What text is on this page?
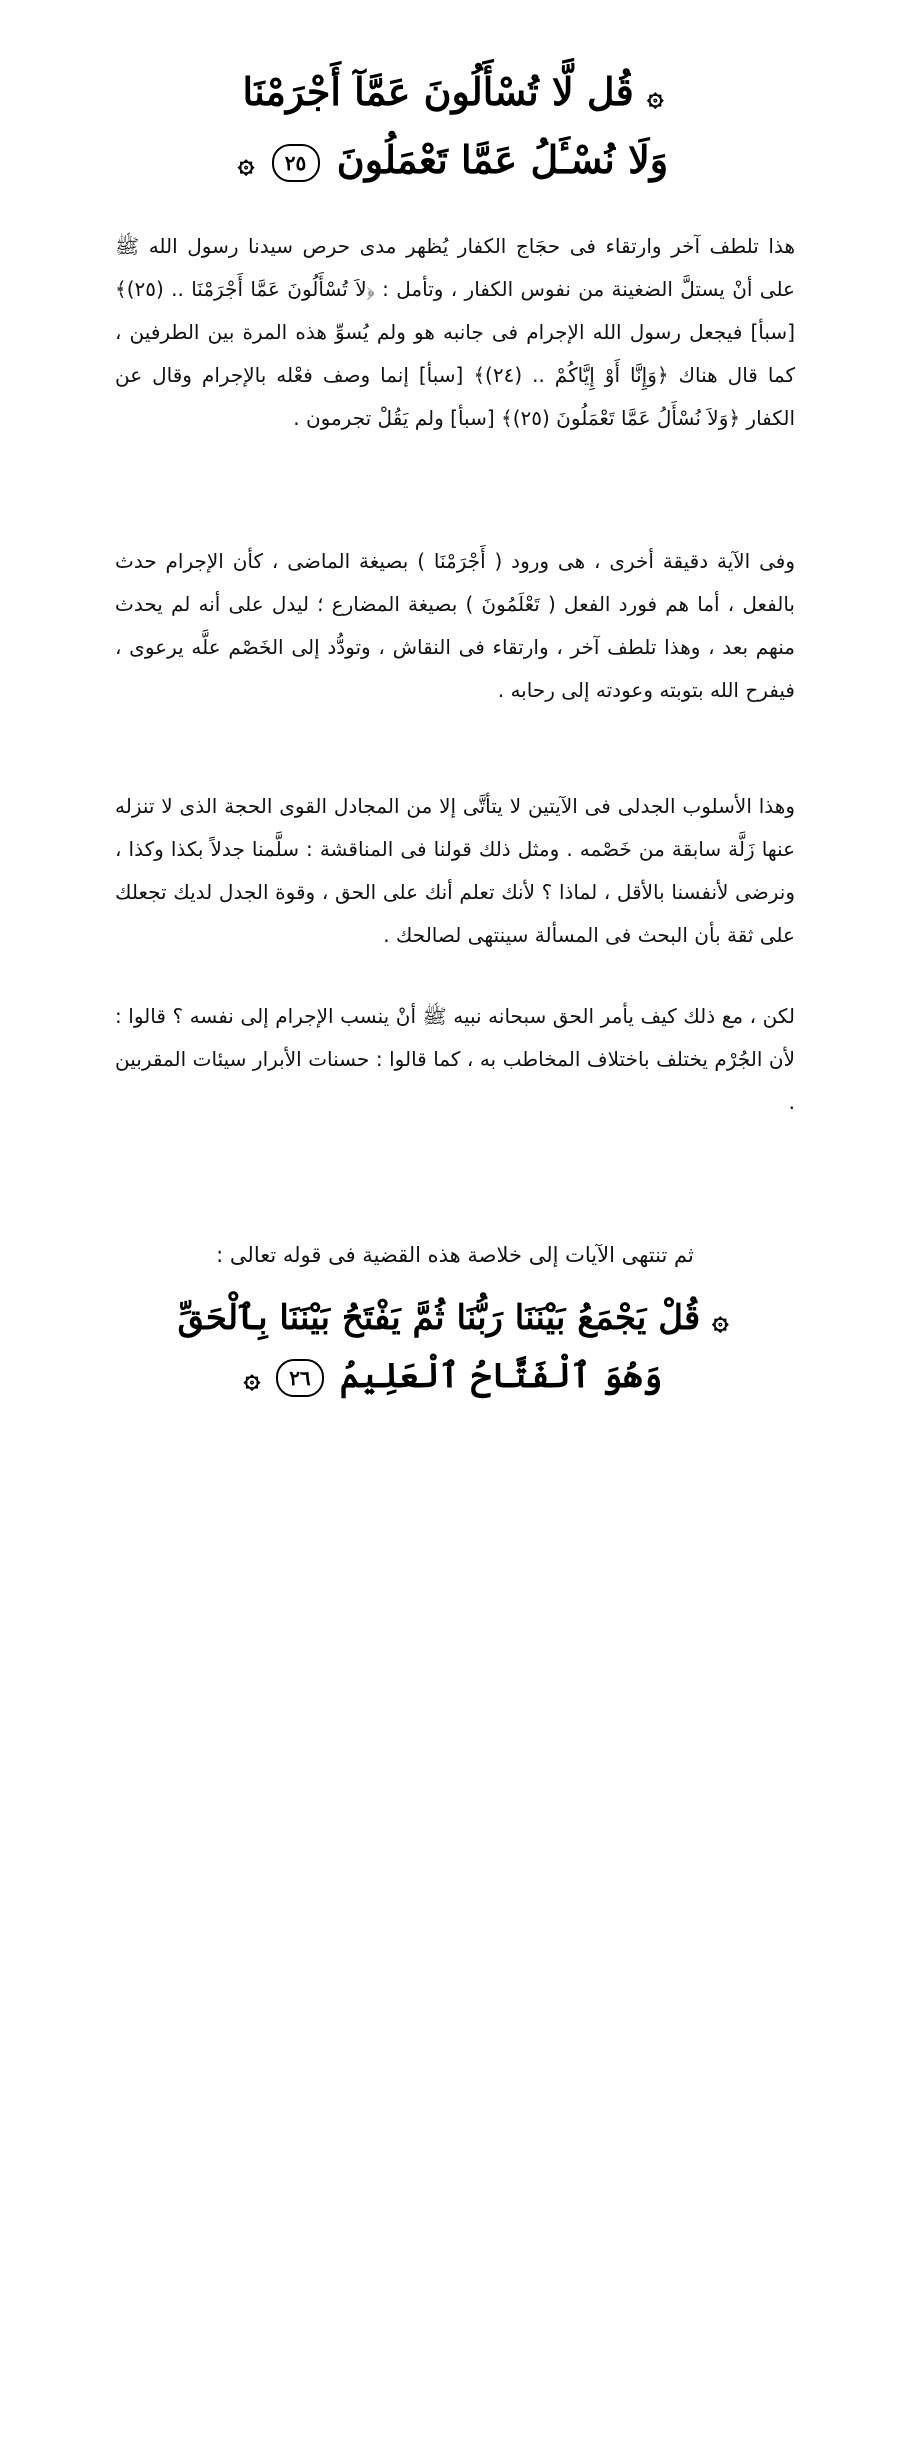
۞ قُل لَّا تُسْأَلُونَ عَمَّآ أَجْرَمْنَا
وَلَا نُسْـَٔلُ عَمَّا تَعْمَلُونَ ٢٥ ۞

هذا تلطف آخر وارتقاء فى حجَاج الكفار يُظهر مدى حرص سيدنا رسول الله ﷺ على أنْ يستلَّ الضغينة من نفوس الكفار ، وتأمل : ﴿لاَ تُسْأَلُونَ عَمَّا أَجْرَمْنَا .. (٢٥)﴾ [سبأ] فيجعل رسول الله الإجرام فى جانبه هو ولم يُسوِّ هذه المرة بين الطرفين ، كما قال هناك ﴿وَإِنَّا أَوْ إِيَّاكُمْ .. (٢٤)﴾ [سبأ] إنما وصف فعْله بالإجرام وقال عن الكفار ﴿وَلاَ نُسْأَلُ عَمَّا تَعْمَلُونَ (٢٥)﴾ [سبأ] ولم يَقُلْ تجرمون .

وفى الآية دقيقة أخرى ، هى ورود ( أَجْرَمْنَا ) بصيغة الماضى ، كأن الإجرام حدث بالفعل ، أما هم فورد الفعل ( تَعْلَمُونَ ) بصيغة المضارع ؛ ليدل على أنه لم يحدث منهم بعد ، وهذا تلطف آخر ، وارتقاء فى النقاش ، وتودُّد إلى الخَصْم علَّه يرعوى ، فيفرح الله بتوبته وعودته إلى رحابه .

وهذا الأسلوب الجدلى فى الآيتين لا يتأتَّى إلا من المجادل القوى الحجة الذى لا تنزله عنها زَلَّة سابقة من خَصْمه . ومثل ذلك قولنا فى المناقشة : سلَّمنا جدلاً بكذا وكذا ، ونرضى لأنفسنا بالأقل ، لماذا ؟ لأنك تعلم أنك على الحق ، وقوة الجدل لديك تجعلك على ثقة بأن البحث فى المسألة سينتهى لصالحك .

لكن ، مع ذلك كيف يأمر الحق سبحانه نبيه ﷺ أنْ ينسب الإجرام إلى نفسه ؟ قالوا : لأن الجُرْم يختلف باختلاف المخاطب به ، كما قالوا : حسنات الأبرار سيئات المقربين .

ثم تنتهى الآيات إلى خلاصة هذه القضية فى قوله تعالى :
۞ قُلْ يَجْمَعُ بَيْنَنَا رَبُّنَا ثُمَّ يَفْتَحُ بَيْنَنَا بِٱلْحَقِّ
وَهُوَ ٱلْفَتَّاحُ ٱلْعَلِيمُ ٢٦ ۞
